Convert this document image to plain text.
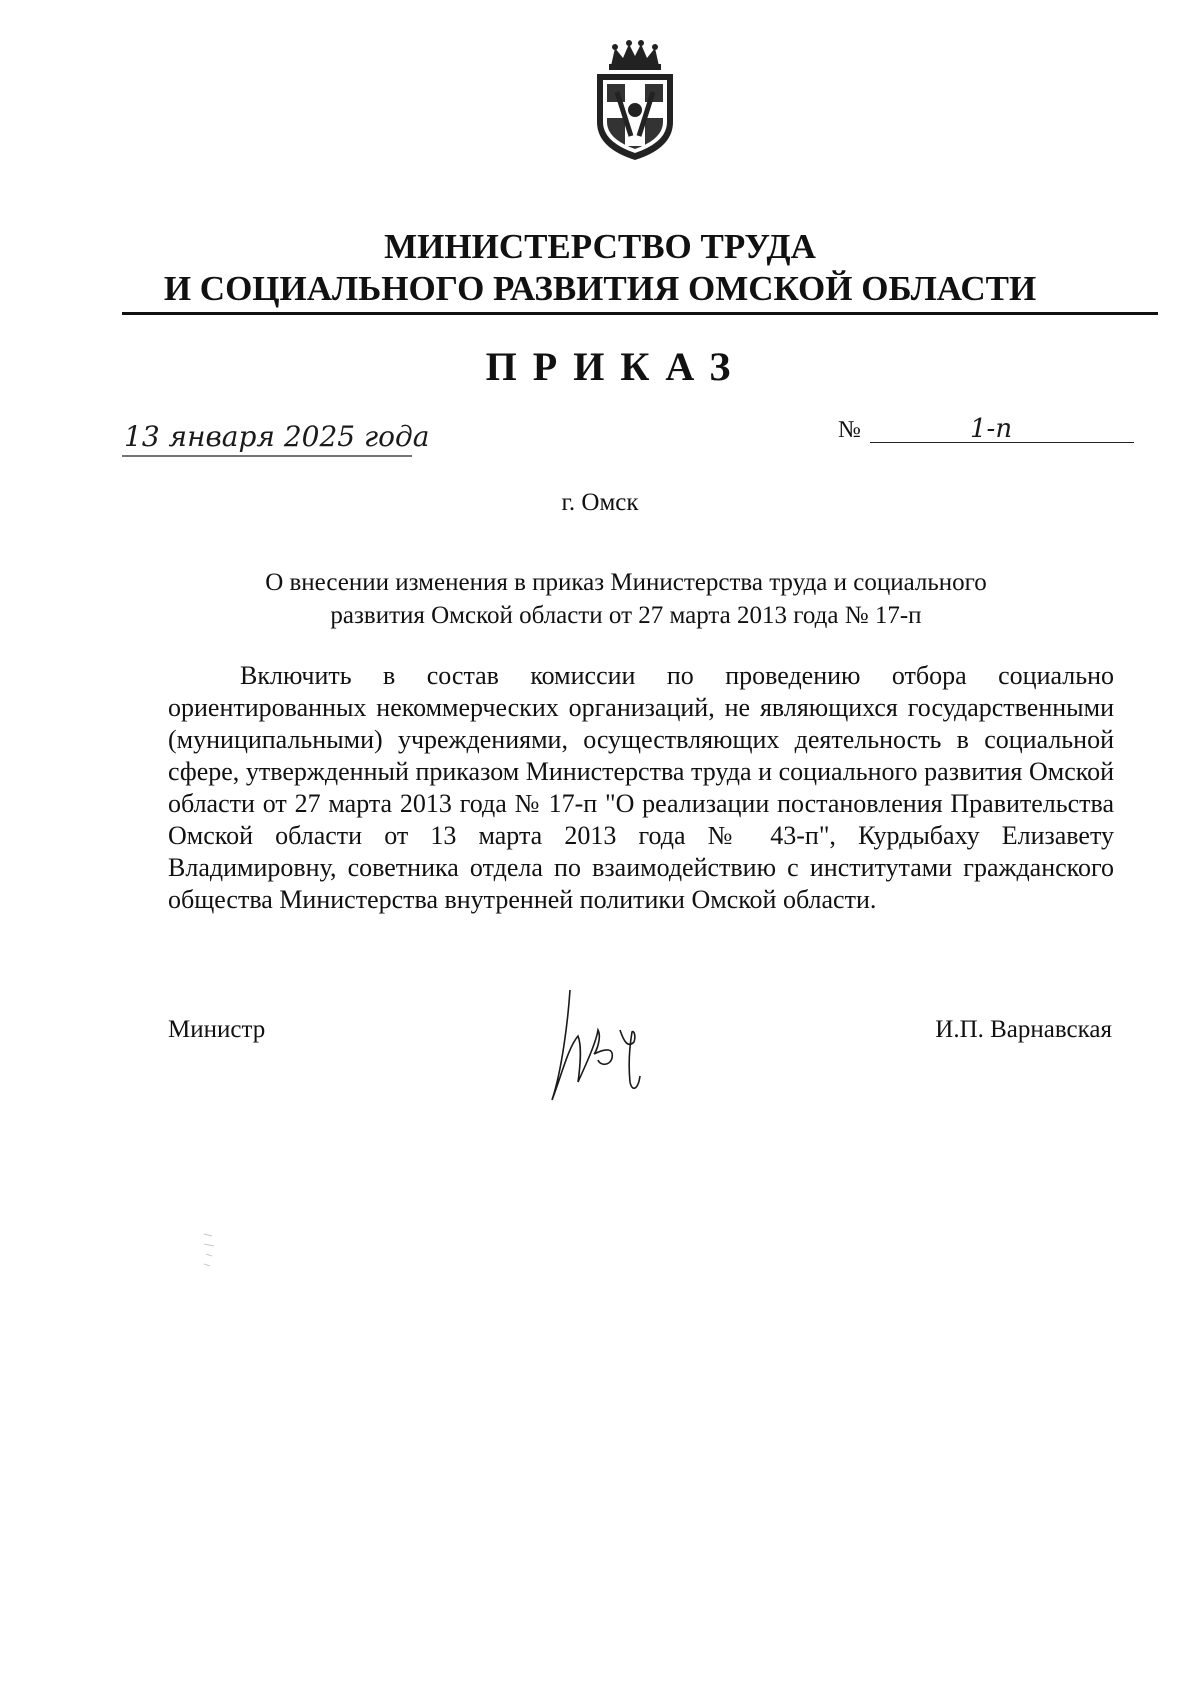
МИНИСТЕРСТВО ТРУДА
И СОЦИАЛЬНОГО РАЗВИТИЯ ОМСКОЙ ОБЛАСТИ
ПРИКАЗ
13 января 2025 года	№	1-п
г. Омск

О внесении изменения в приказ Министерства труда и социального
развития Омской области от 27 марта 2013 года № 17-п

Включить в состав комиссии по проведению отбора социально ориентированных некоммерческих организаций, не являющихся государственными (муниципальными) учреждениями, осуществляющих деятельность в социальной сфере, утвержденный приказом Министерства труда и социального развития Омской области от 27 марта 2013 года № 17-п "О реализации постановления Правительства Омской области от 13 марта 2013 года № 43-п", Курдыбаху Елизавету Владимировну, советника отдела по взаимодействию с институтами гражданского общества Министерства внутренней политики Омской области.

Министр	И.П. Варнавская
